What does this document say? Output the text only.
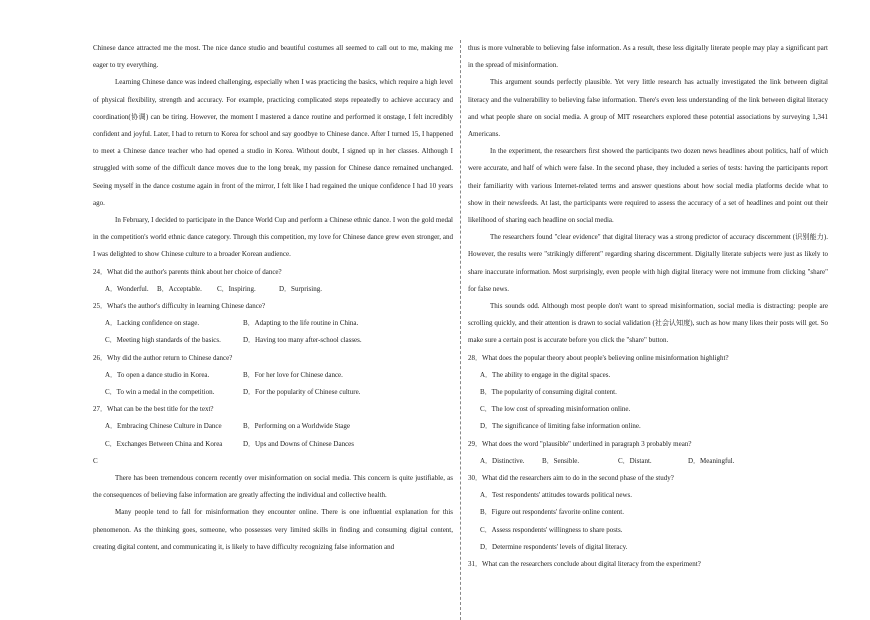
Chinese dance attracted me the most. The nice dance studio and beautiful costumes all seemed to call out to me, making me eager to try everything.

Learning Chinese dance was indeed challenging, especially when I was practicing the basics, which require a high level of physical flexibility, strength and accuracy. For example, practicing complicated steps repeatedly to achieve accuracy and coordination(协调) can be tiring. However, the moment I mastered a dance routine and performed it onstage, I felt incredibly confident and joyful. Later, I had to return to Korea for school and say goodbye to Chinese dance. After I turned 15, I happened to meet a Chinese dance teacher who had opened a studio in Korea. Without doubt, I signed up in her classes. Although I struggled with some of the difficult dance moves due to the long break, my passion for Chinese dance remained unchanged. Seeing myself in the dance costume again in front of the mirror, I felt like I had regained the unique confidence I had 10 years ago.

In February, I decided to participate in the Dance World Cup and perform a Chinese ethnic dance. I won the gold medal in the competition's world ethnic dance category. Through this competition, my love for Chinese dance grew even stronger, and I was delighted to show Chinese culture to a broader Korean audience.

24．What did the author's parents think about her choice of dance?

A．Wonderful.	B．Acceptable.	C．Inspiring.	D．Surprising.

25．What's the author's difficulty in learning Chinese dance?

A．Lacking confidence on stage.	B．Adapting to the life routine in China.
C．Meeting high standards of the basics.	D．Having too many after-school classes.

26．Why did the author return to Chinese dance?

A．To open a dance studio in Korea.	B．For her love for Chinese dance.
C．To win a medal in the competition.	D．For the popularity of Chinese culture.

27．What can be the best title for the text?

A．Embracing Chinese Culture in Dance	B．Performing on a Worldwide Stage
C．Exchanges Between China and Korea	D．Ups and Downs of Chinese Dances

C

There has been tremendous concern recently over misinformation on social media. This concern is quite justifiable, as the consequences of believing false information are greatly affecting the individual and collective health.

Many people tend to fall for misinformation they encounter online. There is one influential explanation for this phenomenon. As the thinking goes, someone, who possesses very limited skills in finding and consuming digital content, creating digital content, and communicating it, is likely to have difficulty recognizing false information and

thus is more vulnerable to believing false information. As a result, these less digitally literate people may play a significant part in the spread of misinformation.

This argument sounds perfectly plausible. Yet very little research has actually investigated the link between digital literacy and the vulnerability to believing false information. There's even less understanding of the link between digital literacy and what people share on social media. A group of MIT researchers explored these potential associations by surveying 1,341 Americans.

In the experiment, the researchers first showed the participants two dozen news headlines about politics, half of which were accurate, and half of which were false. In the second phase, they included a series of tests: having the participants report their familiarity with various Internet-related terms and answer questions about how social media platforms decide what to show in their newsfeeds. At last, the participants were required to assess the accuracy of a set of headlines and point out their likelihood of sharing each headline on social media.

The researchers found "clear evidence" that digital literacy was a strong predictor of accuracy discernment (识别能力). However, the results were "strikingly different" regarding sharing discernment. Digitally literate subjects were just as likely to share inaccurate information. Most surprisingly, even people with high digital literacy were not immune from clicking "share" for false news.

This sounds odd. Although most people don't want to spread misinformation, social media is distracting: people are scrolling quickly, and their attention is drawn to social validation (社会认知度), such as how many likes their posts will get. So make sure a certain post is accurate before you click the "share" button.

28．What does the popular theory about people's believing online misinformation highlight?

A．The ability to engage in the digital spaces.

B．The popularity of consuming digital content.

C．The low cost of spreading misinformation online.

D．The significance of limiting false information online.

29．What does the word "plausible" underlined in paragraph 3 probably mean?

A．Distinctive.	B．Sensible.	C．Distant.	D．Meaningful.

30．What did the researchers aim to do in the second phase of the study?

A．Test respondents' attitudes towards political news.

B．Figure out respondents' favorite online content.

C．Assess respondents' willingness to share posts.

D．Determine respondents' levels of digital literacy.

31．What can the researchers conclude about digital literacy from the experiment?
